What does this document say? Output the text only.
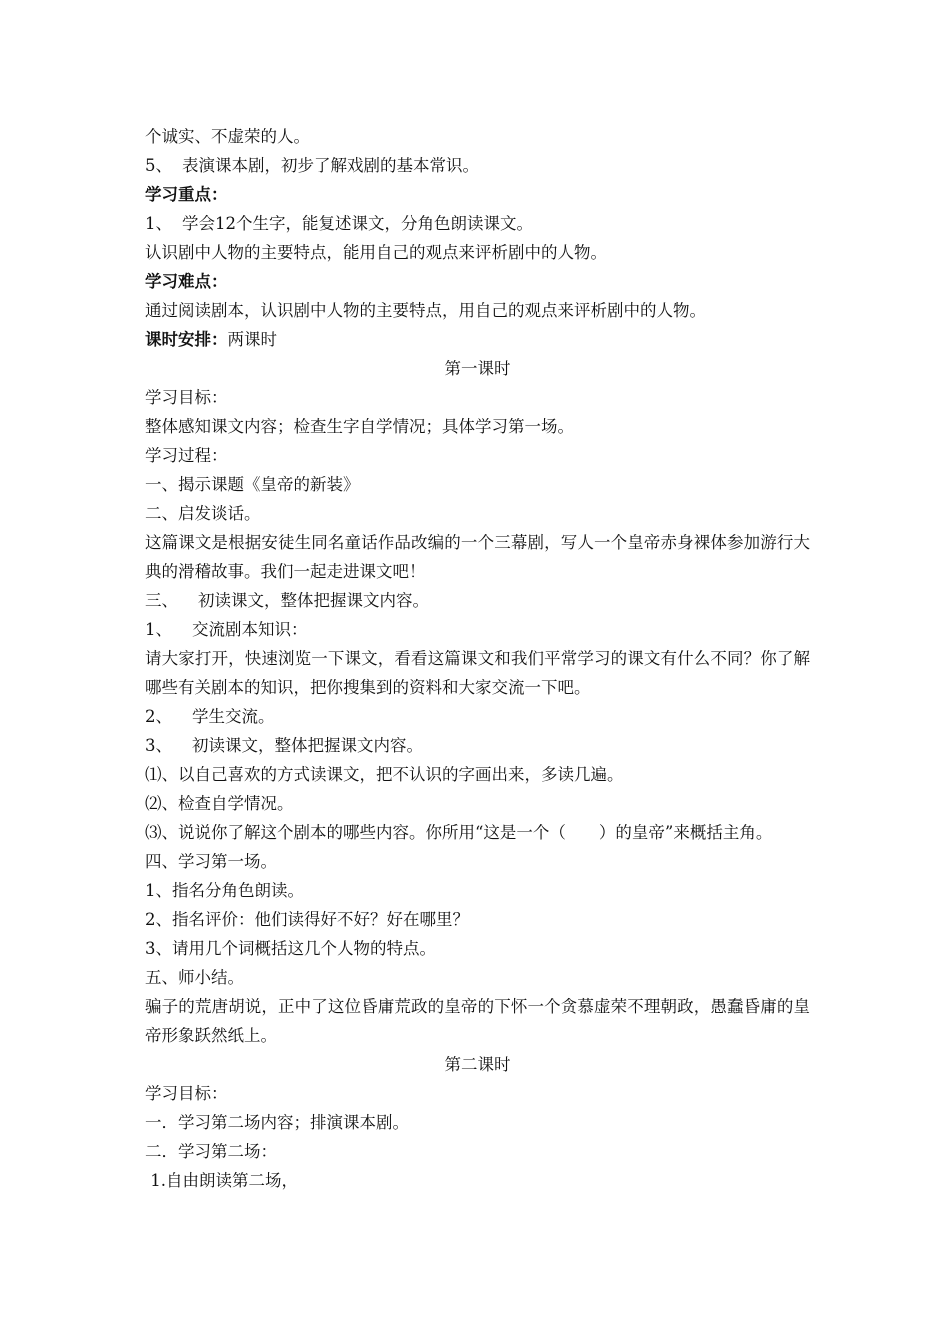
个诚实、不虚荣的人。
5、 表演课本剧，初步了解戏剧的基本常识。
学习重点：
1、 学会12个生字，能复述课文，分角色朗读课文。
认识剧中人物的主要特点，能用自己的观点来评析剧中的人物。
学习难点：
通过阅读剧本，认识剧中人物的主要特点，用自己的观点来评析剧中的人物。
课时安排：两课时
第一课时
学习目标：
整体感知课文内容；检查生字自学情况；具体学习第一场。
学习过程：
一、揭示课题《皇帝的新装》
二、启发谈话。
这篇课文是根据安徒生同名童话作品改编的一个三幕剧，写人一个皇帝赤身裸体参加游行大典的滑稽故事。我们一起走进课文吧！
三、 初读课文，整体把握课文内容。
1、 交流剧本知识：
请大家打开，快速浏览一下课文，看看这篇课文和我们平常学习的课文有什么不同？你了解哪些有关剧本的知识，把你搜集到的资料和大家交流一下吧。
2、 学生交流。
3、 初读课文，整体把握课文内容。
⑴、以自己喜欢的方式读课文，把不认识的字画出来，多读几遍。
⑵、检查自学情况。
⑶、说说你了解这个剧本的哪些内容。你所用“这是一个（　　）的皇帝”来概括主角。
四、学习第一场。
1、指名分角色朗读。
2、指名评价：他们读得好不好？好在哪里？
3、请用几个词概括这几个人物的特点。
五、师小结。
骗子的荒唐胡说，正中了这位昏庸荒政的皇帝的下怀一个贪慕虚荣不理朝政，愚蠢昏庸的皇帝形象跃然纸上。
第二课时
学习目标：
一．学习第二场内容；排演课本剧。
二．学习第二场：
1.自由朗读第二场，
